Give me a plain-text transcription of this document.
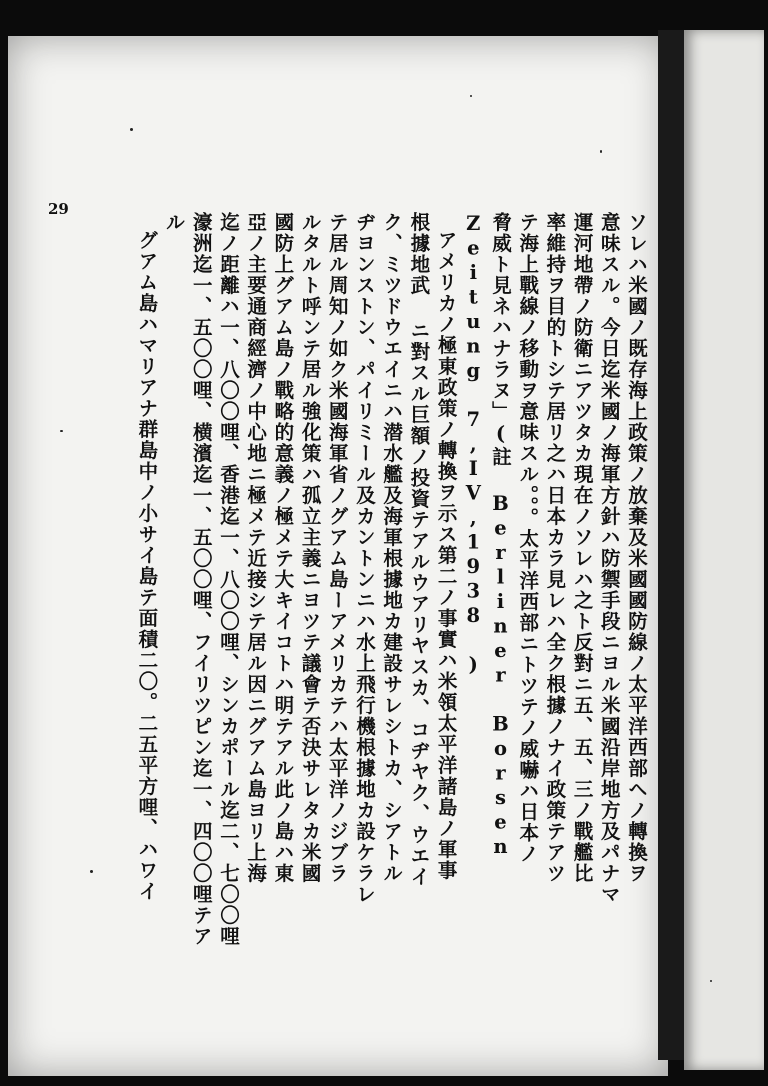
29
ソレハ米國ノ既存海上政策ノ放棄及米國國防線ノ太平洋西部ヘノ轉換ヲ
意味スル。今日迄米國ノ海軍方針ハ防禦手段ニヨル米國沿岸地方及パナマ
運河地帶ノ防衛ニアツタカ現在ノソレハ之ト反對ニ五、五、三ノ戰艦比
率維持ヲ目的トシテ居リ之ハ日本カラ見レハ全ク根據ノナイ政策テアツ
テ海上戰線ノ移動ヲ意味スル。。。太平洋西部ニトツテノ威嚇ハ日本ノ
脅威ト見ネハナラヌ」(註 Berliner Borsen Zeitung 7,IV,1938 )
アメリカノ極東政策ノ轉換ヲ示ス第二ノ事實ハ米領太平洋諸島ノ軍事
根據地武 ニ對スル巨額ノ投資テアルウアリヤスカ、コヂヤク、ウエイ
ク、ミツドウエイニハ潜水艦及海軍根據地カ建設サレシトカ、シアトル
ヂヨンストン、パイリミール及カントンニハ水上飛行機根據地カ設ケラレ
テ居ル周知ノ如ク米國海軍省ノグアム島ーアメリカテハ太平洋ノジブラ
ルタルト呼ンテ居ル強化策ハ孤立主義ニヨツテ議會テ否決サレタカ米國
國防上グアム島ノ戰略的意義ノ極メテ大キイコトハ明テアル此ノ島ハ東
亞ノ主要通商經濟ノ中心地ニ極メテ近接シテ居ル因ニグアム島ヨリ上海
迄ノ距離ハ一、八〇〇哩、香港迄一、八〇〇哩、シンカポール迄二、七〇〇哩
濠洲迄一、五〇〇哩、横濱迄一、五〇〇哩、フイリツピン迄一、四〇〇哩テア
ル
グアム島ハマリアナ群島中ノ小サイ島テ面積二〇。二五平方哩、ハワイ
